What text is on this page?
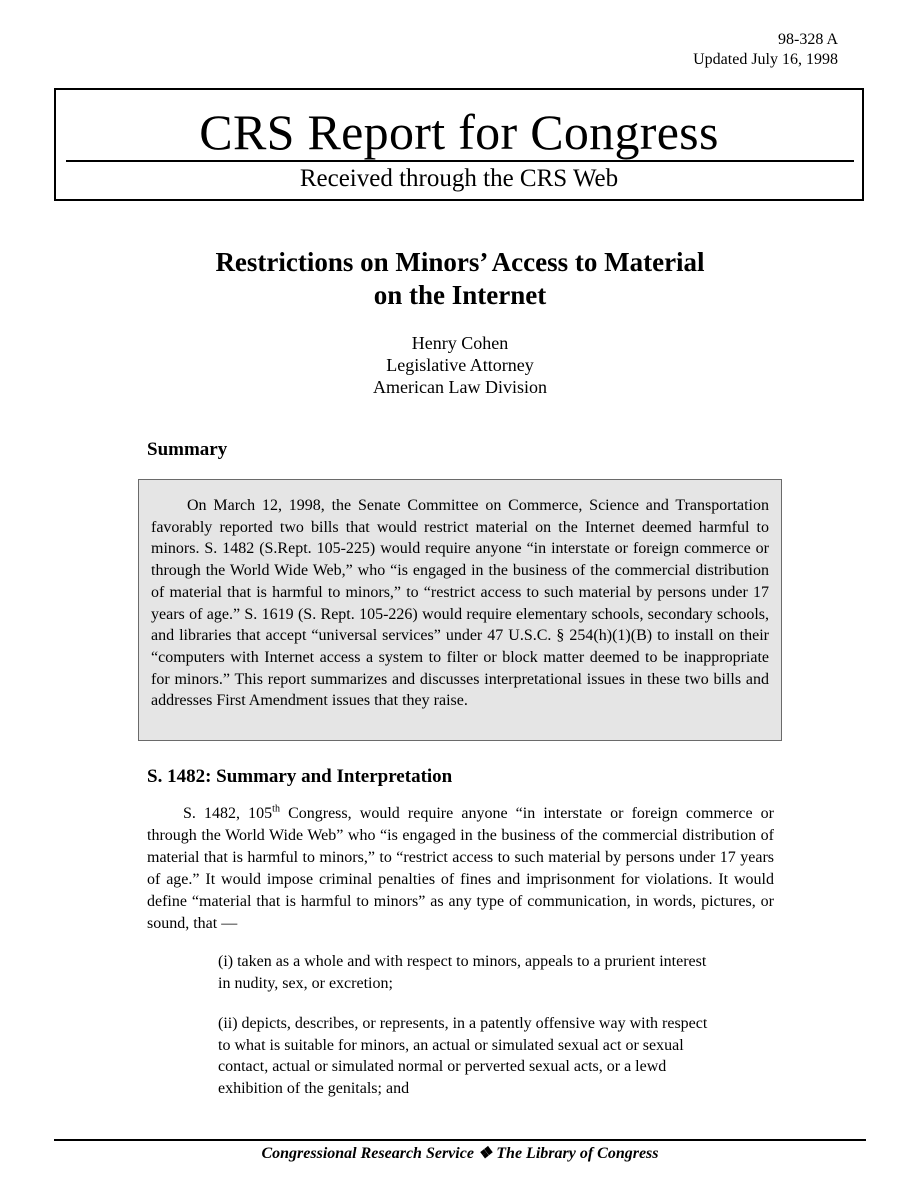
98-328 A
Updated July 16, 1998
CRS Report for Congress
Received through the CRS Web
Restrictions on Minors’ Access to Material
on the Internet
Henry Cohen
Legislative Attorney
American Law Division
Summary

On March 12, 1998, the Senate Committee on Commerce, Science and Transportation favorably reported two bills that would restrict material on the Internet deemed harmful to minors. S. 1482 (S.Rept. 105-225) would require anyone “in interstate or foreign commerce or through the World Wide Web,” who “is engaged in the business of the commercial distribution of material that is harmful to minors,” to “restrict access to such material by persons under 17 years of age.” S. 1619 (S. Rept. 105-226) would require elementary schools, secondary schools, and libraries that accept “universal services” under 47 U.S.C. § 254(h)(1)(B) to install on their “computers with Internet access a system to filter or block matter deemed to be inappropriate for minors.” This report summarizes and discusses interpretational issues in these two bills and addresses First Amendment issues that they raise.

S. 1482: Summary and Interpretation

S. 1482, 105th Congress, would require anyone “in interstate or foreign commerce or through the World Wide Web” who “is engaged in the business of the commercial distribution of material that is harmful to minors,” to “restrict access to such material by persons under 17 years of age.” It would impose criminal penalties of fines and imprisonment for violations. It would define “material that is harmful to minors” as any type of communication, in words, pictures, or sound, that —

(i) taken as a whole and with respect to minors, appeals to a prurient interest in nudity, sex, or excretion;

(ii) depicts, describes, or represents, in a patently offensive way with respect to what is suitable for minors, an actual or simulated sexual act or sexual contact, actual or simulated normal or perverted sexual acts, or a lewd exhibition of the genitals; and

Congressional Research Service ❖ The Library of Congress
